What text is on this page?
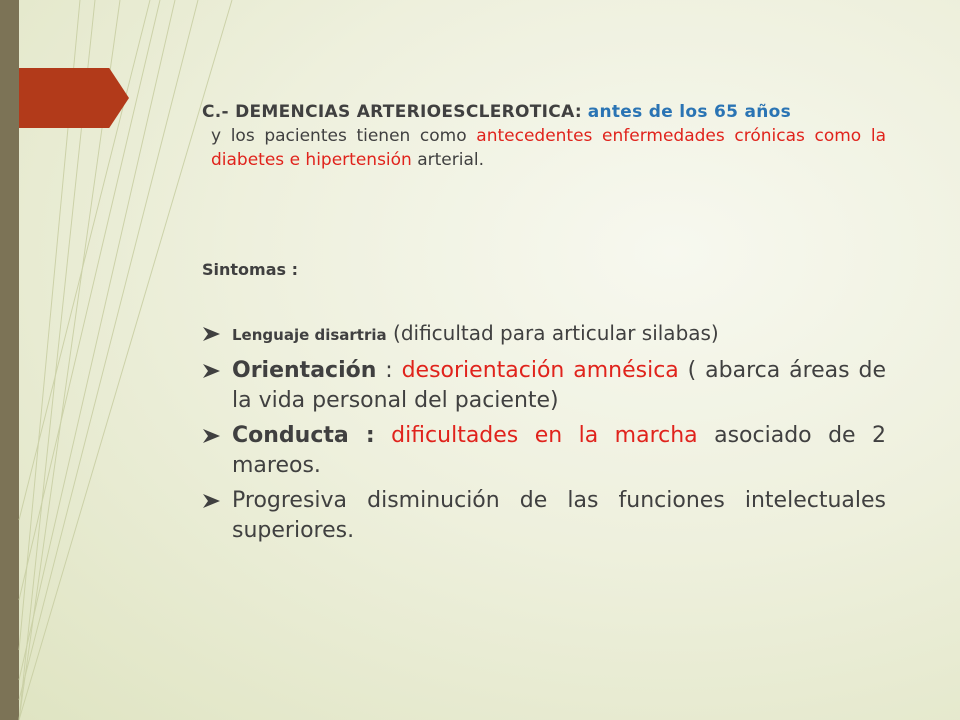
C.- DEMENCIAS ARTERIOESCLEROTICA: antes de los 65 años
y los pacientes tienen como antecedentes enfermedades crónicas como la diabetes e hipertensión arterial.
Sintomas :
Lenguaje disartria (dificultad para articular silabas)
Orientación : desorientación amnésica ( abarca áreas de la vida personal del paciente)
Conducta : dificultades en la marcha asociado de 2 mareos.
Progresiva disminución de las funciones intelectuales superiores.
